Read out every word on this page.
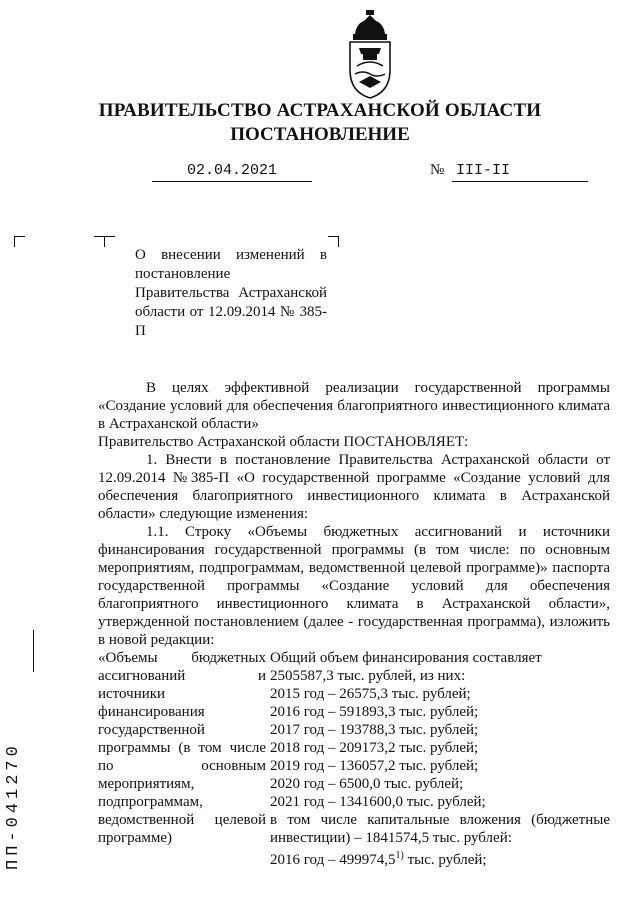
ПРАВИТЕЛЬСТВО АСТРАХАНСКОЙ ОБЛАСТИ
ПОСТАНОВЛЕНИЕ
02.04.2021	№ III-II
О внесении изменений в постановление Правительства Астраханской области от 12.09.2014 № 385-П

В целях эффективной реализации государственной программы «Создание условий для обеспечения благоприятного инвестиционного климата в Астраханской области»

Правительство Астраханской области ПОСТАНОВЛЯЕТ:

1. Внести в постановление Правительства Астраханской области от 12.09.2014 №385-П «О государственной программе «Создание условий для обеспечения благоприятного инвестиционного климата в Астраханской области» следующие изменения:

1.1. Строку «Объемы бюджетных ассигнований и источники финансирования государственной программы (в том числе: по основным мероприятиям, подпрограммам, ведомственной целевой программе)» паспорта государственной программы «Создание условий для обеспечения благоприятного инвестиционного климата в Астраханской области», утвержденной постановлением (далее - государственная программа), изложить в новой редакции:

«Объемы бюджетных ассигнований и источники финансирования государственной программы (в том числе по основным мероприятиям, подпрограммам, ведомственной целевой программе)
Общий объем финансирования составляет
2505587,3 тыс. рублей, из них:
2015 год – 26575,3 тыс. рублей;
2016 год – 591893,3 тыс. рублей;
2017 год – 193788,3 тыс. рублей;
2018 год – 209173,2 тыс. рублей;
2019 год – 136057,2 тыс. рублей;
2020 год – 6500,0 тыс. рублей;
2021 год – 1341600,0 тыс. рублей;
в том числе капитальные вложения (бюджетные инвестиции) – 1841574,5 тыс. рублей:
2016 год – 499974,5$^{1)}$ тыс. рублей;
ПП-041270
